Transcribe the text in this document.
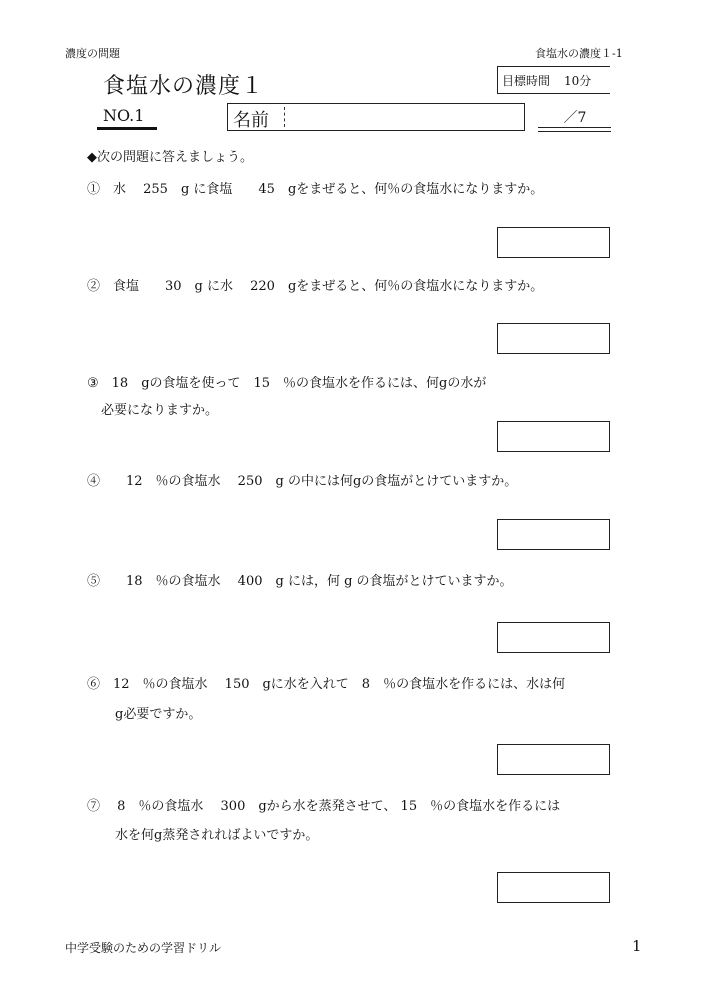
濃度の問題	食塩水の濃度１-1
食塩水の濃度１	目標時間 10分
NO.1	名前	／7
◆次の問題に答えましょう。
①　水　 255　g に食塩　　45　gをまぜると、何％の食塩水になりますか。
②　食塩　　30　g に水　 220　gをまぜると、何％の食塩水になりますか。
③　18　gの食塩を使って　15　％の食塩水を作るには、何gの水が
必要になりますか。
④　　12　％の食塩水　 250　g の中には何gの食塩がとけていますか。
⑤　　18　％の食塩水　 400　g には，何 g の食塩がとけていますか。
⑥　12　％の食塩水　 150　gに水を入れて　8　％の食塩水を作るには、水は何
g必要ですか。
⑦　 8　％の食塩水　 300　gから水を蒸発させて、 15　％の食塩水を作るには
水を何g蒸発されればよいですか。
中学受験のための学習ドリル	1
